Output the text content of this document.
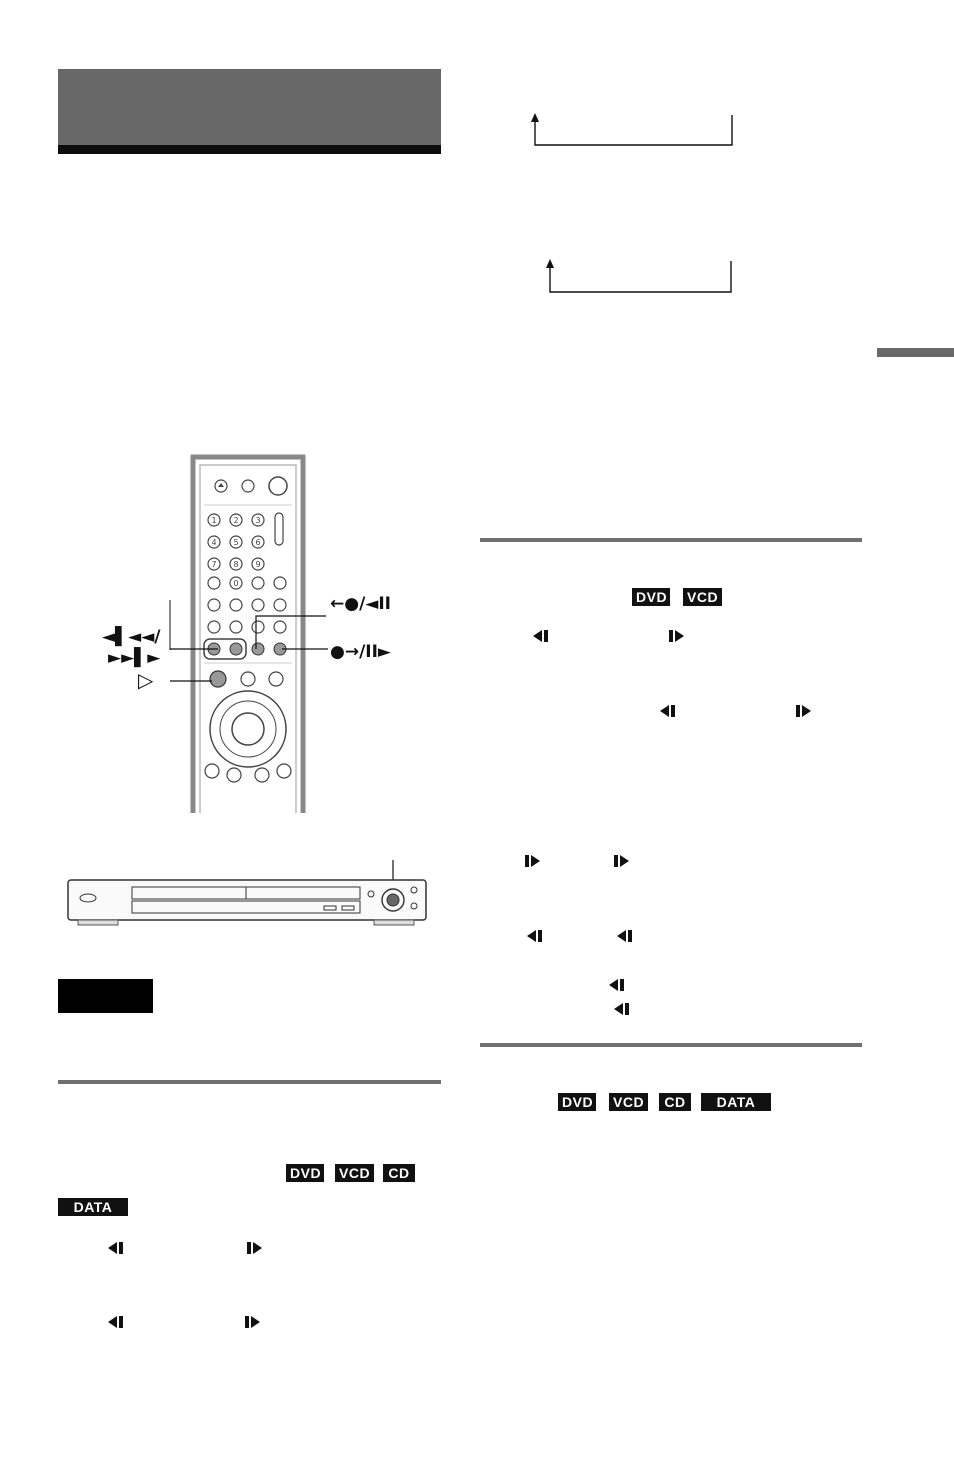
1 2 3
4 5 6
7 8 9
0
◄▌◄◄/
►►▌►
▷
←●/◄II
●→/II►
DVD VCD	CD
DATA CD
DVD VCD
DVD VCD	CD	DATA CD
